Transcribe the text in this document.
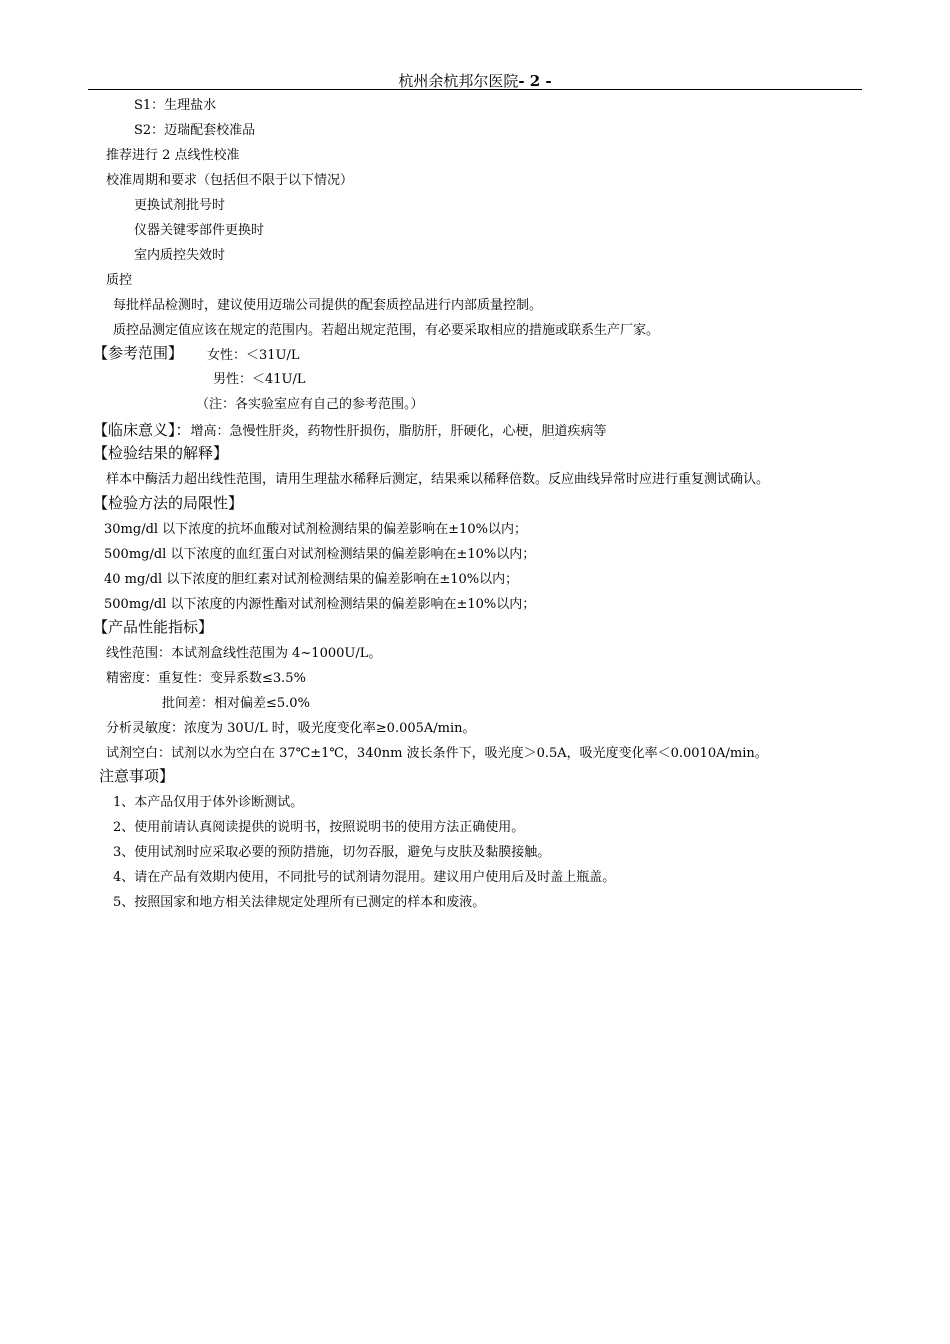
杭州余杭邦尔医院- 2 -
S1：生理盐水
S2：迈瑞配套校准品
推荐进行 2 点线性校准
校准周期和要求（包括但不限于以下情况）
更换试剂批号时
仪器关键零部件更换时
室内质控失效时
质控
每批样品检测时，建议使用迈瑞公司提供的配套质控品进行内部质量控制。
质控品测定值应该在规定的范围内。若超出规定范围，有必要采取相应的措施或联系生产厂家。
【参考范围】 女性：＜31U/L
男性：＜41U/L
（注：各实验室应有自己的参考范围。）
【临床意义】：增高：急慢性肝炎，药物性肝损伤，脂肪肝，肝硬化，心梗，胆道疾病等
【检验结果的解释】
样本中酶活力超出线性范围，请用生理盐水稀释后测定，结果乘以稀释倍数。反应曲线异常时应进行重复测试确认。
【检验方法的局限性】
30mg/dl 以下浓度的抗坏血酸对试剂检测结果的偏差影响在±10%以内；
500mg/dl 以下浓度的血红蛋白对试剂检测结果的偏差影响在±10%以内；
40 mg/dl 以下浓度的胆红素对试剂检测结果的偏差影响在±10%以内；
500mg/dl 以下浓度的内源性酯对试剂检测结果的偏差影响在±10%以内；
【产品性能指标】
线性范围：本试剂盒线性范围为 4~1000U/L。
精密度：重复性：变异系数≤3.5%
批间差：相对偏差≤5.0%
分析灵敏度：浓度为 30U/L 时，吸光度变化率≥0.005A/min。
试剂空白：试剂以水为空白在 37℃±1℃，340nm 波长条件下，吸光度＞0.5A，吸光度变化率＜0.0010A/min。
注意事项】
1、本产品仅用于体外诊断测试。
2、使用前请认真阅读提供的说明书，按照说明书的使用方法正确使用。
3、使用试剂时应采取必要的预防措施，切勿吞服，避免与皮肤及黏膜接触。
4、请在产品有效期内使用，不同批号的试剂请勿混用。建议用户使用后及时盖上瓶盖。
5、按照国家和地方相关法律规定处理所有已测定的样本和废液。
